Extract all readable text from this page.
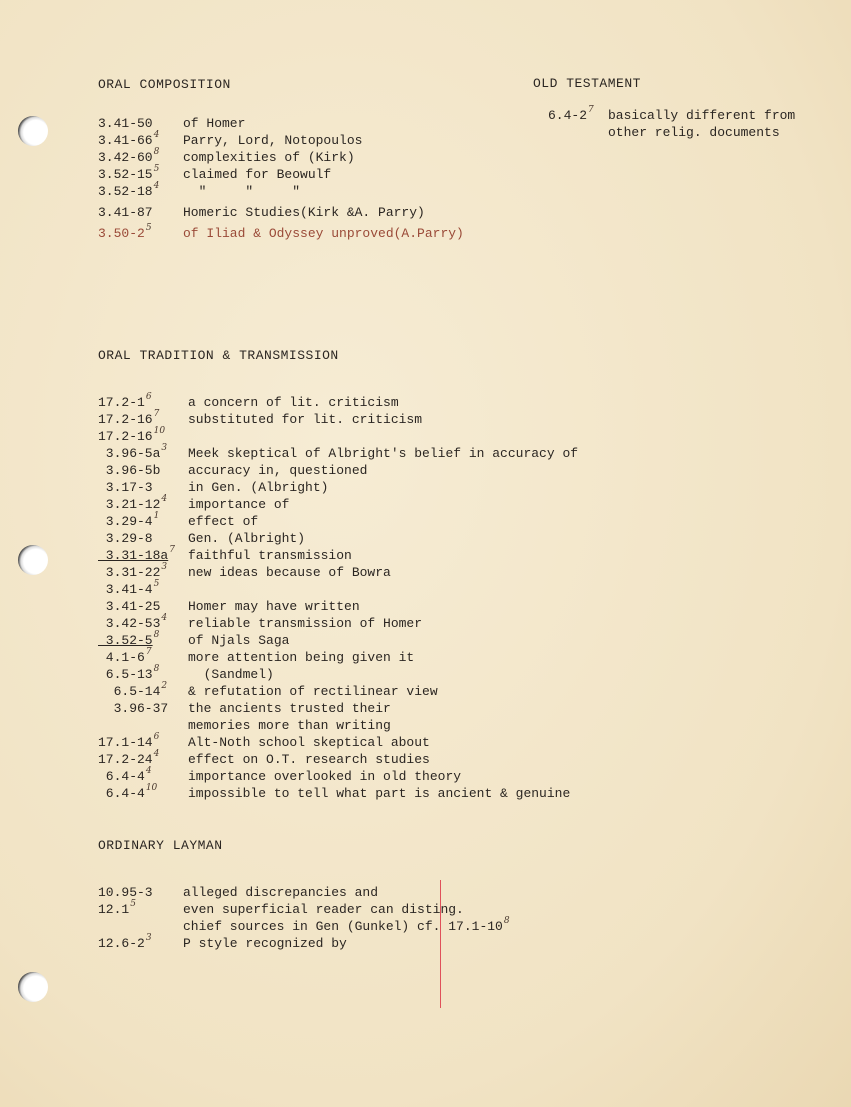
ORAL COMPOSITION
3.41-50 of Homer
$3.41-66^4$ Parry, Lord, Notopoulos
$3.42-60^8$ complexities of (Kirk)
$3.52-15^5$ claimed for Beowulf
$3.52-18^4$  "     "     "
3.41-87 Homeric Studies(Kirk &A. Parry)
$3.50-2^5$ of Iliad & Odyssey unproved(A.Parry)
OLD TESTAMENT
$6.4-2^7$ basically different from
other relig. documents
ORAL TRADITION & TRANSMISSION
$17.2-1^6$	a concern of lit. criticism
$17.2-16^7$ substituted for lit. criticism
$17.2-16^{10}$
$3.96-5a^3$ Meek skeptical of Albright's belief in accuracy of
3.96-5b accuracy in, questioned
3.17-3	in Gen. (Albright)
$3.21-12^4$ importance of
$3.29-4^1$ effect of
3.29-8	Gen. (Albright)
$3.31-18a^7$ faithful transmission
$3.31-22^3$ new ideas because of Bowra
$3.41-4^5$
3.41-25 Homer may have written
$3.42-53^4$ reliable transmission of Homer
$3.52-5^8$ of Njals Saga
$4.1-6^7$	more attention being given it
$6.5-13^8$  (Sandmel)
$6.5-14^2$ & refutation of rectilinear view
3.96-37 the ancients trusted their
memories more than writing
$17.1-14^6$ Alt-Noth school skeptical about
$17.2-24^4$ effect on O.T. research studies
$6.4-4^4$	importance overlooked in old theory
$6.4-4^{10}$ impossible to tell what part is ancient & genuine
ORDINARY LAYMAN
10.95-3 alleged discrepancies and
12.1$^5$	even superficial reader can disting.
chief sources in Gen (Gunkel) cf. $17.1-10^8$
$12.6-2^3$ P style recognized by
